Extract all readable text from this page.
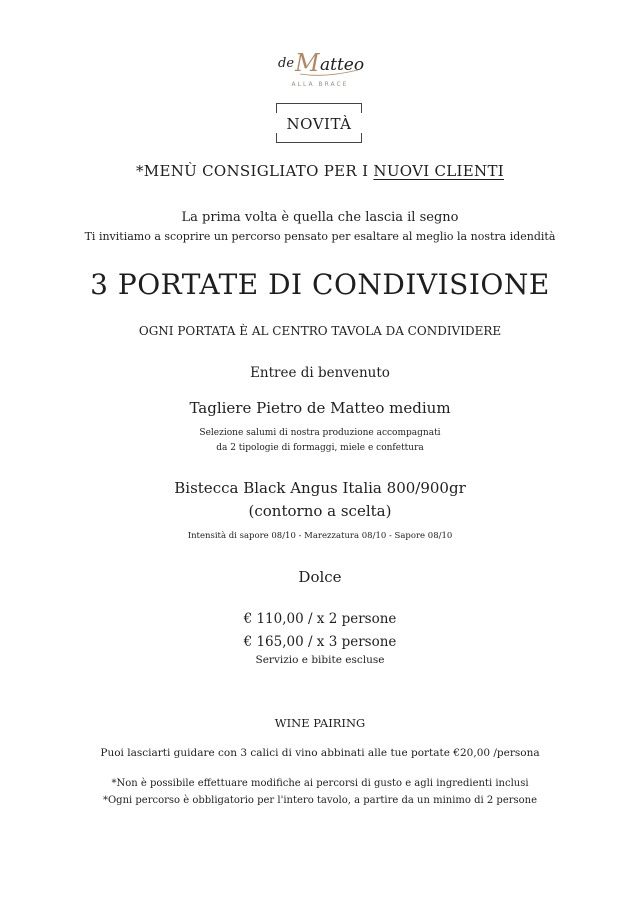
de M atteo
ALLA BRACE
NOVITÀ
*MENÙ CONSIGLIATO PER I NUOVI CLIENTI
La prima volta è quella che lascia il segno
Ti invitiamo a scoprire un percorso pensato per esaltare al meglio la nostra idendità
3 PORTATE DI CONDIVISIONE
OGNI PORTATA È AL CENTRO TAVOLA DA CONDIVIDERE
Entree di benvenuto
Tagliere Pietro de Matteo medium
Selezione salumi di nostra produzione accompagnati
da 2 tipologie di formaggi, miele e confettura
Bistecca Black Angus Italia 800/900gr
(contorno a scelta)
Intensità di sapore 08/10 - Marezzatura 08/10 - Sapore 08/10
Dolce
€ 110,00 / x 2 persone
€ 165,00 / x 3 persone
Servizio e bibite escluse
WINE PAIRING
Puoi lasciarti guidare con 3 calici di vino abbinati alle tue portate €20,00 /persona
*Non è possibile effettuare modifiche ai percorsi di gusto e agli ingredienti inclusi
*Ogni percorso è obbligatorio per l'intero tavolo, a partire da un minimo di 2 persone
